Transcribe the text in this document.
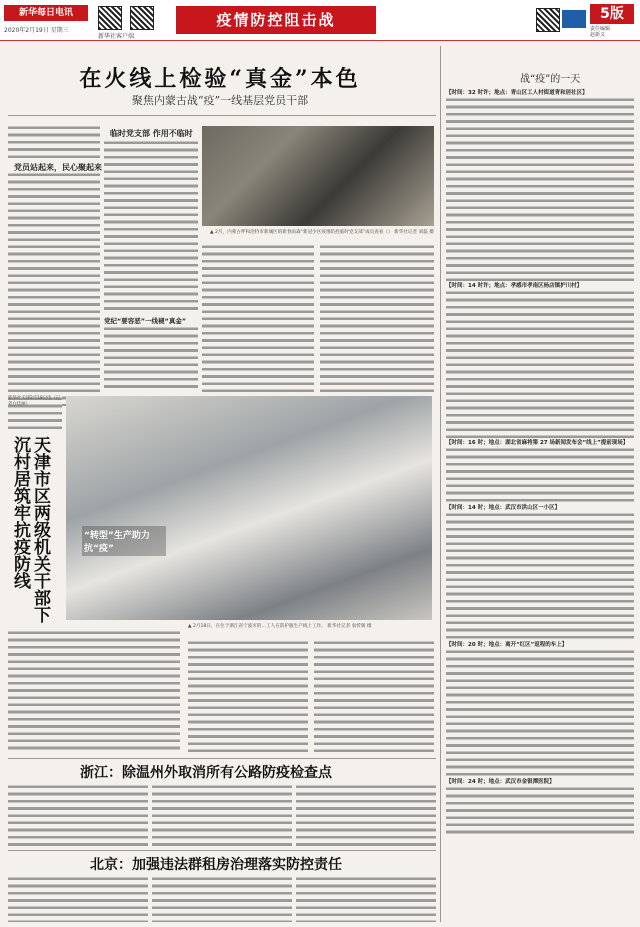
新华每日电讯
2020年2月19日 星期三
新华社客户端
疫情防控阻击战	5版
责任编辑
赵新义
在火线上检验“真金”本色
聚焦内蒙古战“疫”一线基层党员干部
党员站起来，民心聚起来
临时党支部 作用不临时
党纪“要容恶”一线褪“真金”
▲ 2月，内蒙古呼和浩特市新城区的新春雨森“新冠少区疫情防控临时党支部”成员查看（） 新华社记者 刘磊 摄
天津市区两级机关干部下沉村居筑牢抗疫防线
新华社天津2月18日电（记者白佳丽）
“转型”生产助力抗“疫”
▲ 2月18日，在位于浙江省宁波市的…工人在防护服生产线上工作。 新华社记者 翁忻旸 摄
浙江：除温州外取消所有公路防疫检查点
北京：加强违法群租房治理落实防控责任
战“疫”的一天
【时间：32 时许；地点：青山区工人村街道青和居社区】
【时间：14 时许；地点：孝感市孝南区杨店镇护川村】
【时间：16 时；地点：湖北省麻将第 27 场新闻发布会“线上”提前现场】
【时间：14 时；地点：武汉市洪山区一小区】
【时间：20 时；地点：离开“红区”返程的车上】
【时间：24 时；地点：武汉市金银潭医院】
